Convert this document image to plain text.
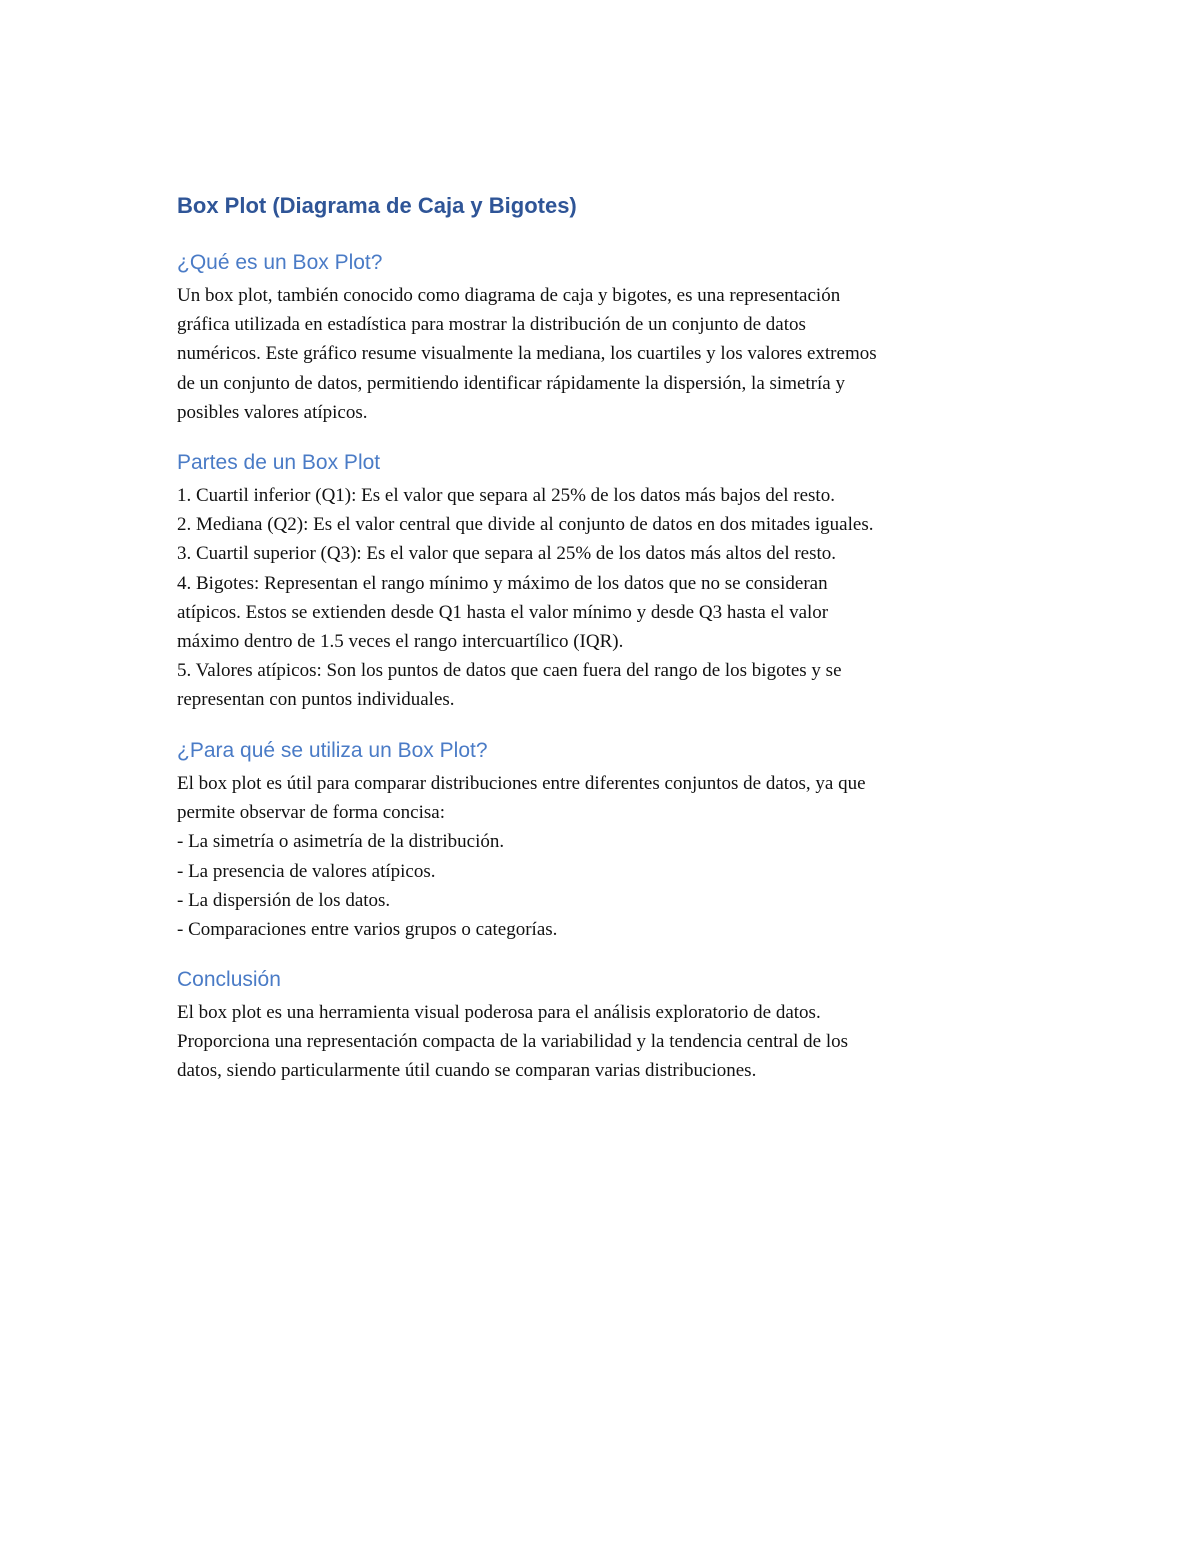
Box Plot (Diagrama de Caja y Bigotes)
¿Qué es un Box Plot?
Un box plot, también conocido como diagrama de caja y bigotes, es una representación
gráfica utilizada en estadística para mostrar la distribución de un conjunto de datos
numéricos. Este gráfico resume visualmente la mediana, los cuartiles y los valores extremos
de un conjunto de datos, permitiendo identificar rápidamente la dispersión, la simetría y
posibles valores atípicos.
Partes de un Box Plot
1. Cuartil inferior (Q1): Es el valor que separa al 25% de los datos más bajos del resto.
2. Mediana (Q2): Es el valor central que divide al conjunto de datos en dos mitades iguales.
3. Cuartil superior (Q3): Es el valor que separa al 25% de los datos más altos del resto.
4. Bigotes: Representan el rango mínimo y máximo de los datos que no se consideran
atípicos. Estos se extienden desde Q1 hasta el valor mínimo y desde Q3 hasta el valor
máximo dentro de 1.5 veces el rango intercuartílico (IQR).
5. Valores atípicos: Son los puntos de datos que caen fuera del rango de los bigotes y se
representan con puntos individuales.
¿Para qué se utiliza un Box Plot?
El box plot es útil para comparar distribuciones entre diferentes conjuntos de datos, ya que
permite observar de forma concisa:
- La simetría o asimetría de la distribución.
- La presencia de valores atípicos.
- La dispersión de los datos.
- Comparaciones entre varios grupos o categorías.
Conclusión
El box plot es una herramienta visual poderosa para el análisis exploratorio de datos.
Proporciona una representación compacta de la variabilidad y la tendencia central de los
datos, siendo particularmente útil cuando se comparan varias distribuciones.
